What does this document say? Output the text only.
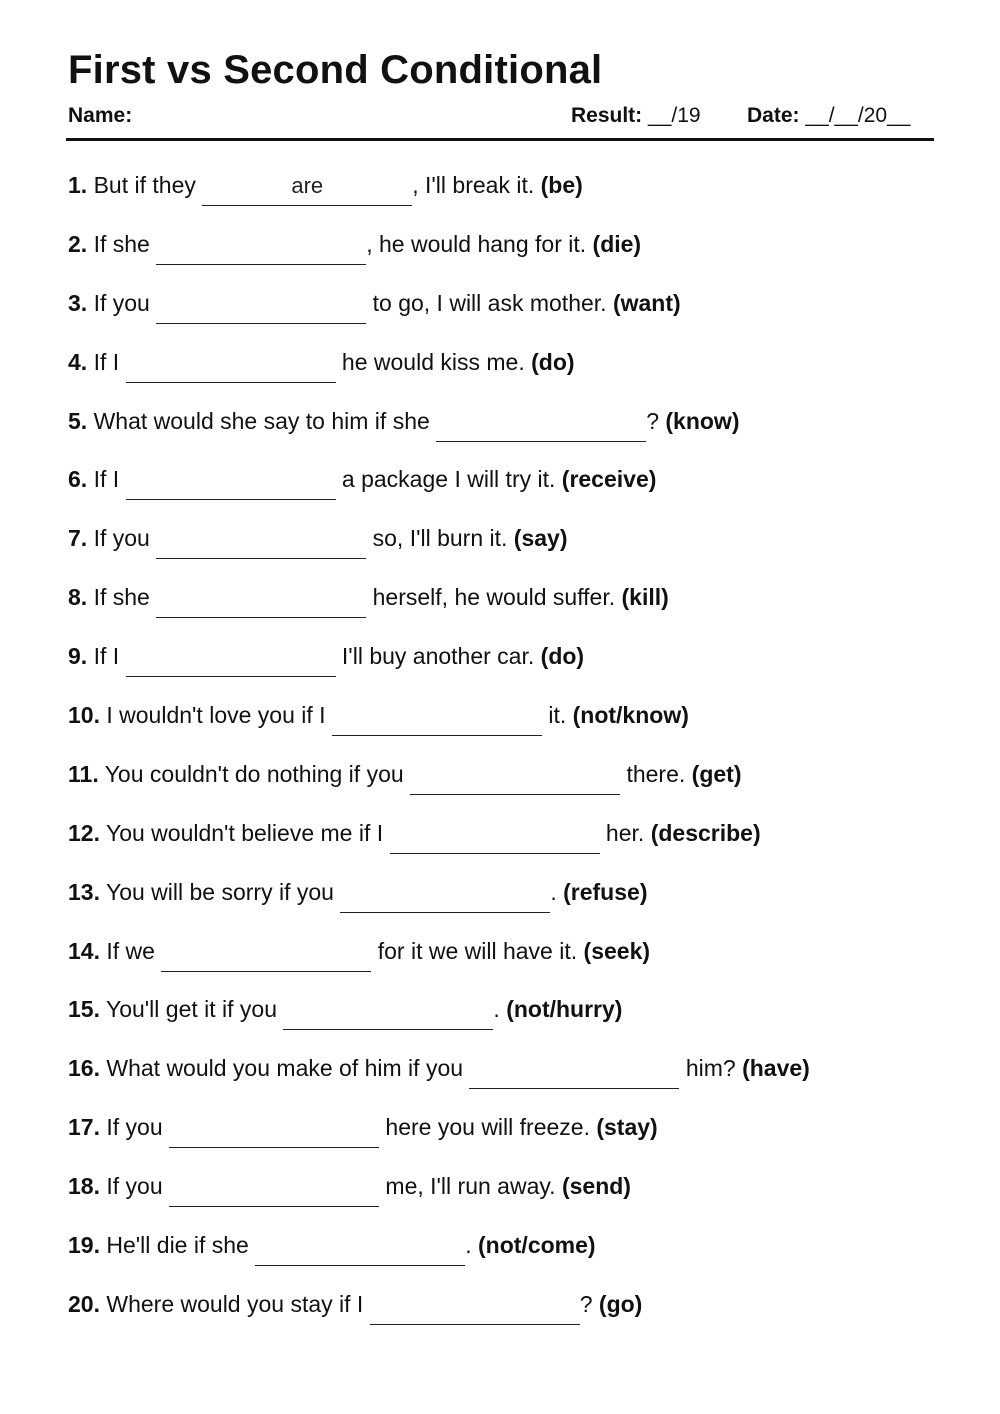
First vs Second Conditional
Name:	Result: __/19 Date: __/__/20__
1. But if they	are	, I'll break it. (be)
2. If she	, he would hang for it. (die)
3. If you	to go, I will ask mother. (want)
4. If I	he would kiss me. (do)
5. What would she say to him if she	? (know)
6. If I	a package I will try it. (receive)
7. If you	so, I'll burn it. (say)
8. If she	herself, he would suffer. (kill)
9. If I	I'll buy another car. (do)
10. I wouldn't love you if I	it. (not/know)
11. You couldn't do nothing if you	there. (get)
12. You wouldn't believe me if I	her. (describe)
13. You will be sorry if you	. (refuse)
14. If we	for it we will have it. (seek)
15. You'll get it if you	. (not/hurry)
16. What would you make of him if you	him? (have)
17. If you	here you will freeze. (stay)
18. If you	me, I'll run away. (send)
19. He'll die if she	. (not/come)
20. Where would you stay if I	? (go)
